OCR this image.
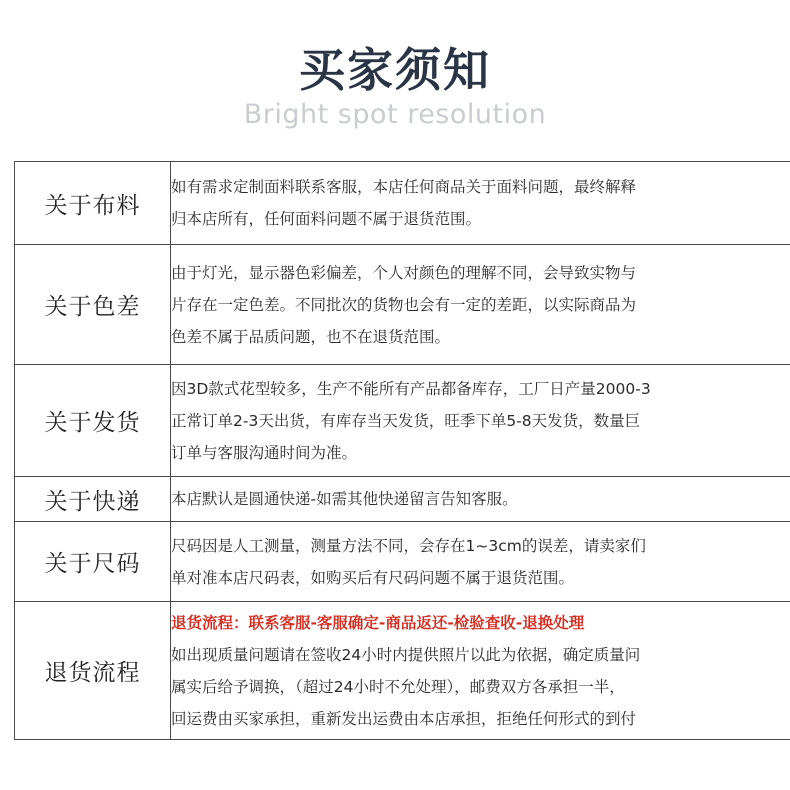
买家须知
Bright spot resolution
关于布料	如有需求定制面料联系客服，本店任何商品关于面料问题，最终解释
归本店所有，任何面料问题不属于退货范围。

关于色差	由于灯光，显示器色彩偏差，个人对颜色的理解不同，会导致实物与
片存在一定色差。不同批次的货物也会有一定的差距，以实际商品为
色差不属于品质问题，也不在退货范围。

关于发货	因3D款式花型较多，生产不能所有产品都备库存，工厂日产量2000-3
正常订单2-3天出货，有库存当天发货，旺季下单5-8天发货，数量巨
订单与客服沟通时间为准。

关于快递	本店默认是圆通快递-如需其他快递留言告知客服。

关于尺码	尺码因是人工测量，测量方法不同，会存在1~3cm的误差，请卖家们
单对准本店尺码表，如购买后有尺码问题不属于退货范围。

退货流程	退货流程：联系客服-客服确定-商品返还-检验查收-退换处理
如出现质量问题请在签收24小时内提供照片以此为依据，确定质量问
属实后给予调换，（超过24小时不允处理），邮费双方各承担一半，
回运费由买家承担，重新发出运费由本店承担，拒绝任何形式的到付
